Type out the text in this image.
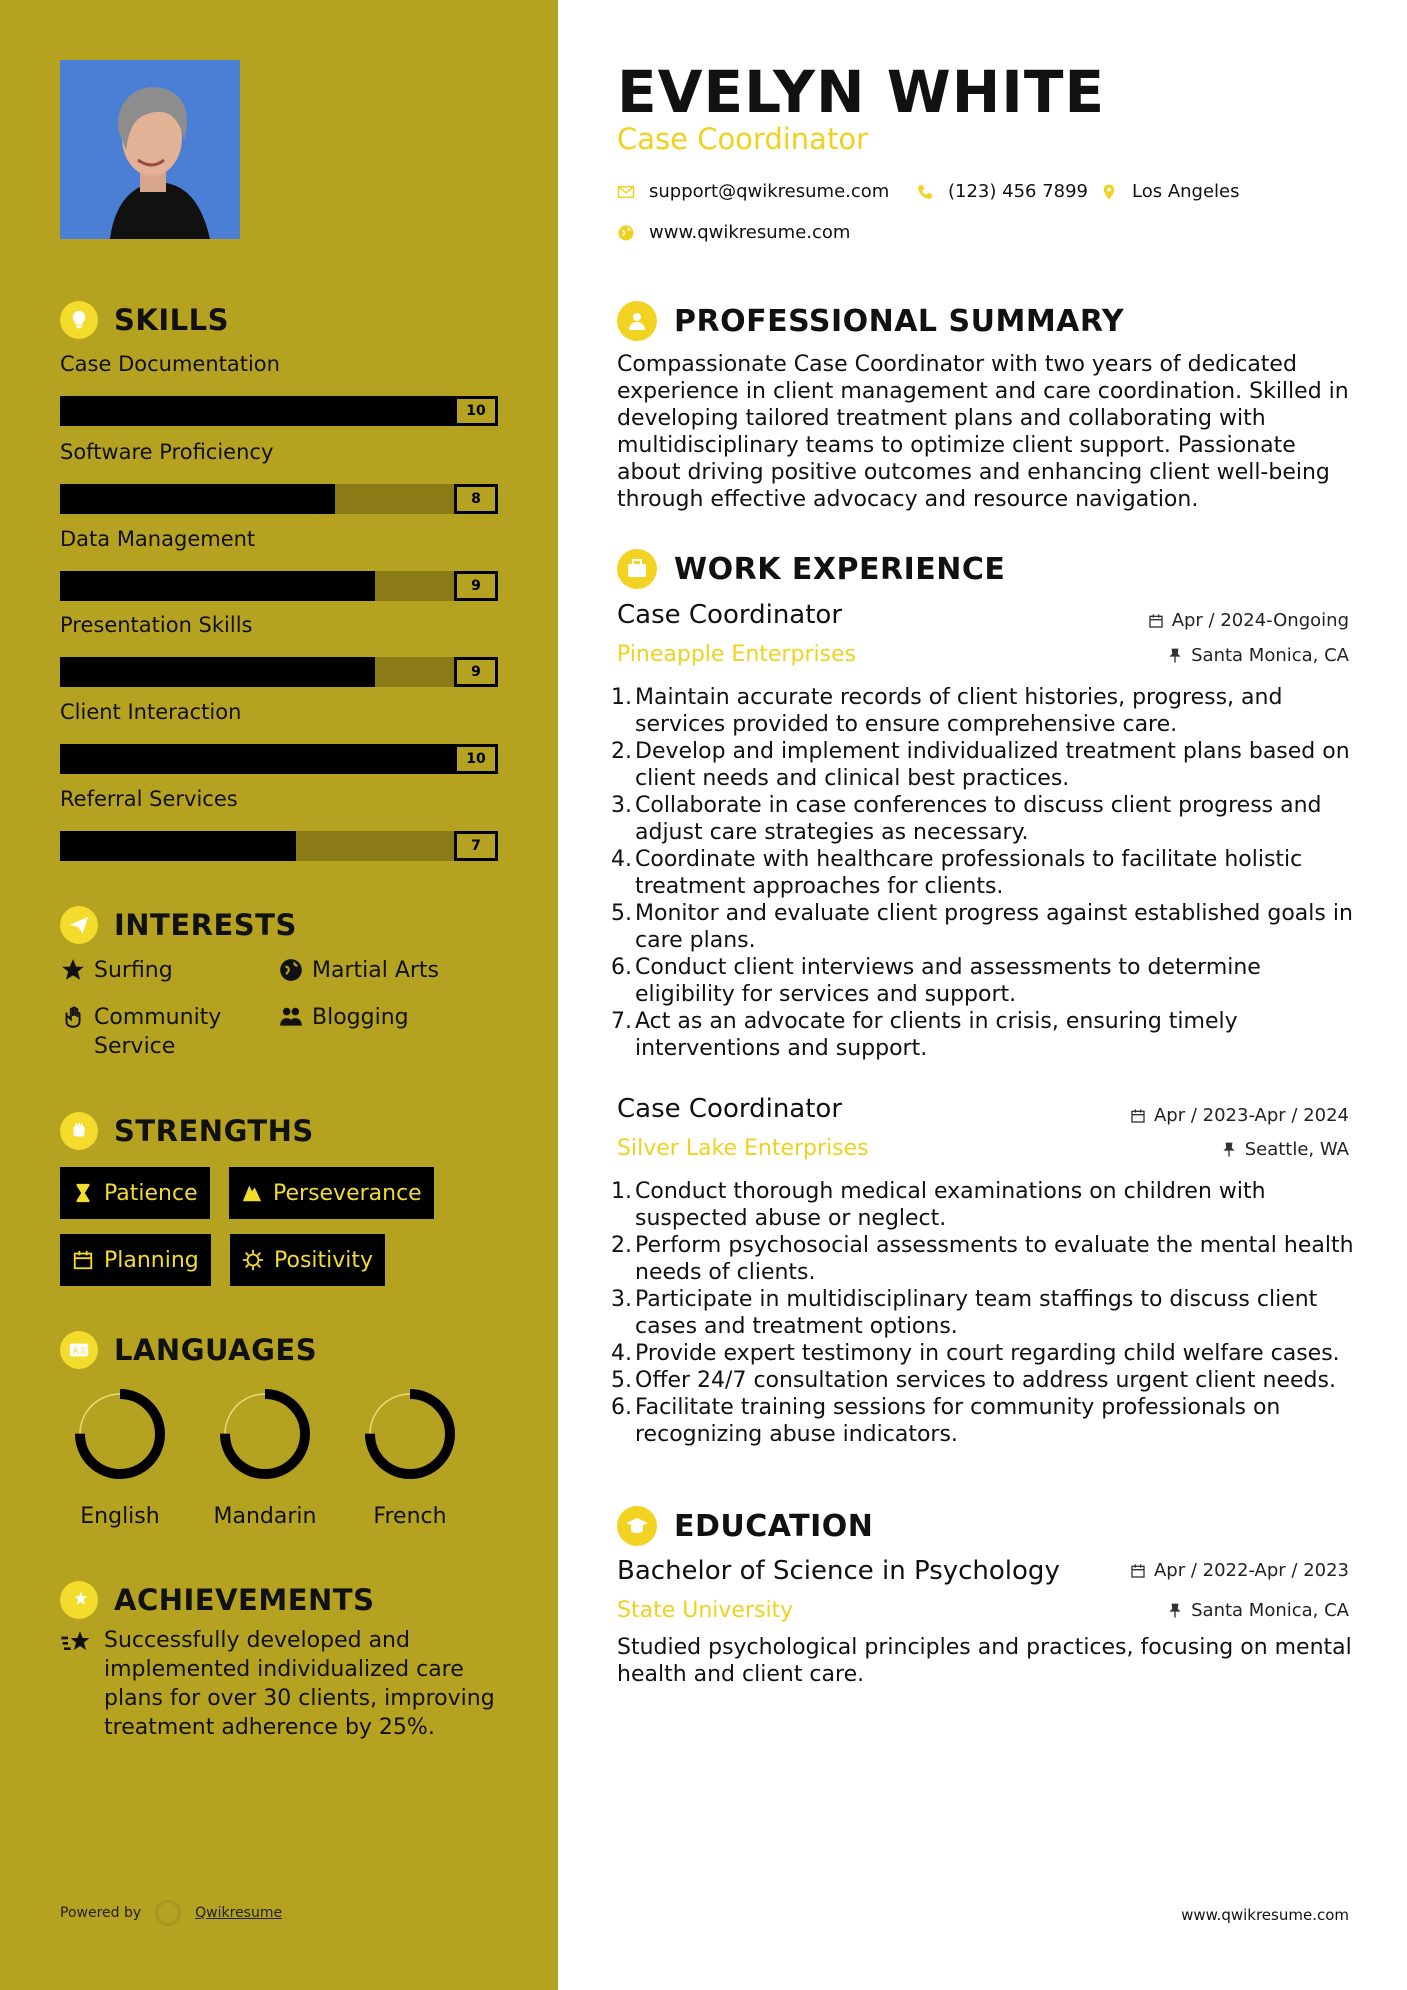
SKILLS
Case Documentation
10
Software Proficiency
8
Data Management
9
Presentation Skills
9
Client Interaction
10
Referral Services
7
INTERESTS
Surfing	Martial Arts
Community Service
Blogging
STRENGTHS
Patience	Perseverance
Planning	Positivity
A文 LANGUAGES
English	Mandarin	French
ACHIEVEMENTS
Successfully developed and implemented individualized care plans for over 30 clients, improving treatment adherence by 25%.
Powered by	Qwikresume
EVELYN WHITE
Case Coordinator
support@qwikresume.com	(123) 456 7899 Los Angeles
www.qwikresume.com
PROFESSIONAL SUMMARY
Compassionate Case Coordinator with two years of dedicated experience in client management and care coordination. Skilled in developing tailored treatment plans and collaborating with multidisciplinary teams to optimize client support. Passionate about driving positive outcomes and enhancing client well-being through effective advocacy and resource navigation.
WORK EXPERIENCE
Case Coordinator	Apr / 2024-Ongoing
Pineapple Enterprises	Santa Monica, CA
1. Maintain accurate records of client histories, progress, and services provided to ensure comprehensive care.
2. Develop and implement individualized treatment plans based on client needs and clinical best practices.
3. Collaborate in case conferences to discuss client progress and adjust care strategies as necessary.
4. Coordinate with healthcare professionals to facilitate holistic treatment approaches for clients.
5. Monitor and evaluate client progress against established goals in care plans.
6. Conduct client interviews and assessments to determine eligibility for services and support.
7. Act as an advocate for clients in crisis, ensuring timely interventions and support.
Case Coordinator	Apr / 2023-Apr / 2024
Silver Lake Enterprises	Seattle, WA
1. Conduct thorough medical examinations on children with suspected abuse or neglect.
2. Perform psychosocial assessments to evaluate the mental health needs of clients.
3. Participate in multidisciplinary team staffings to discuss client cases and treatment options.
4. Provide expert testimony in court regarding child welfare cases.
5. Offer 24/7 consultation services to address urgent client needs.
6. Facilitate training sessions for community professionals on recognizing abuse indicators.
EDUCATION
Bachelor of Science in Psychology	Apr / 2022-Apr / 2023
State University	Santa Monica, CA
Studied psychological principles and practices, focusing on mental health and client care.
www.qwikresume.com
